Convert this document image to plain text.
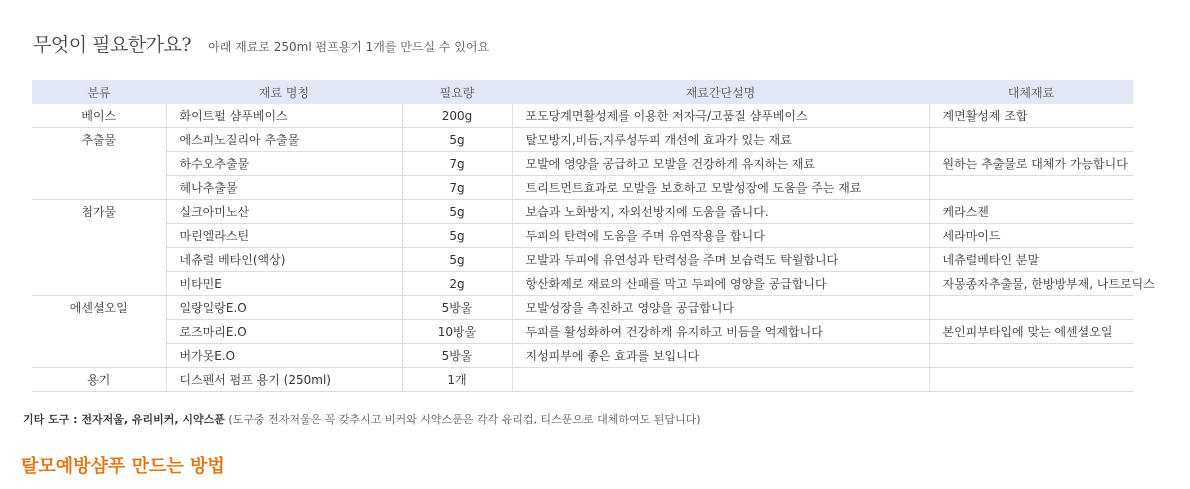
무엇이 필요한가요? 아래 재료로 250ml 펌프용기 1개를 만드실 수 있어요
분류	재료 명칭	필요량	재료간단설명	대체재료
베이스	화이트펄 샴푸베이스	200g	포도당계면활성제를 이용한 저자극/고품질 샴푸베이스	계면활성제 조합
추출물	에스피노질리아 추출물	5g	탈모방지,비듬,지루성두피 개선에 효과가 있는 재료	
	하수오추출물	7g	모발에 영양을 공급하고 모발을 건강하게 유지하는 재료	원하는 추출물로 대체가 가능합니다
	헤나추출물	7g	트리트먼트효과로 모발을 보호하고 모발성장에 도움을 주는 재료	
첨가물	실크아미노산	5g	보습과 노화방지, 자외선방지에 도움을 줍니다.	케라스젠
	마린엘라스틴	5g	두피의 탄력에 도움을 주며 유연작용을 합니다	세라마이드
	네츄럴 베타인(액상)	5g	모발과 두피에 유연성과 탄력성을 주며 보습력도 탁월합니다	네츄럴베타인 분말
	비타민E	2g	항산화제로 재료의 산패를 막고 두피에 영양을 공급합니다	자몽종자추출물, 한방방부제, 나트로딕스
에센셜오일	일랑일랑E.O	5방울	모발성장을 촉진하고 영양을 공급합니다	
	로즈마리E.O	10방울	두피를 활성화하여 건강하게 유지하고 비듬을 억제합니다	본인피부타입에 맞는 에센셜오일
	버가못E.O	5방울	지성피부에 좋은 효과를 보입니다	
용기	디스펜서 펌프 용기 (250ml)	1개		
기타 도구 : 전자저울, 유리비커, 시약스푼 (도구중 전자저울은 꼭 갖추시고 비커와 시약스푼은 각각 유리컵, 티스푼으로 대체하여도 된답니다)
탈모예방샴푸 만드는 방법
